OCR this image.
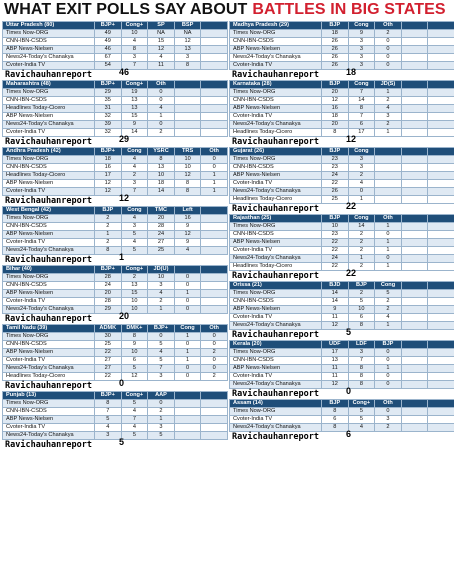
WHAT EXIT POLLS SAY ABOUT BATTLES IN BIG STATES
Uttar Pradesh (80)	BJP+	Cong+	SP	BSP	
Times Now-ORG	49	10	NA	NA	
CNN-IBN-CSDS	49	4	15	12	
ABP News-Nielsen	46	8	12	13	
News24-Today's Chanakya	67	3	4	3	
Cvoter-India TV	54	7	11	8	
Ravichauhanreport	46
Maharashtra (48)	BJP+	Cong+	Oth		
Times Now-ORG	29	19	0		
CNN-IBN-CSDS	35	13	0		
Headlines Today-Cicero	31	13	4		
ABP News-Nielsen	32	15	1		
News24-Today's Chanakya	39	9	0		
Cvoter-India TV	32	14	2		
Ravichauhanreport	29
Andhra Pradesh (42)	BJP+	Cong	YSRC	TRS	Oth
Times Now-ORG	18	4	8	10	0
CNN-IBN-CSDS	16	4	13	10	0
Headlines Today-Cicero	17	2	10	12	1
ABP News-Nielsen	12	3	18	8	1
Cvoter-India TV	12	7	14	8	1
Ravichauhanreport	12
West Bengal (42)	BJP	Cong	TMC	Left	
Times Now-ORG	2	4	20	16	
CNN-IBN-CSDS	2	3	28	9	
ABP News-Nielsen	1	5	24	12	
Cvoter-India TV	2	4	27	9	
News24-Today's Chanakya	8	5	25	4	
Ravichauhanreport	1
Bihar (40)	BJP+	Cong+	JD(U)		
Times Now-ORG	28	2	10	0	
CNN-IBN-CSDS	24	13	3	0	
ABP News-Nielsen	20	15	4	1	
Cvoter-India TV	28	10	2	0	
News24-Today's Chanakya	29	10	1	0	
Ravichauhanreport	20
Tamil Nadu (39)	ADMK	DMK+	BJP+	Cong	Oth
Times Now-ORG	30	8	0	1	0
CNN-IBN-CSDS	25	9	5	0	0
ABP News-Nielsen	22	10	4	1	2
Cvoter-India TV	27	6	5	1	0
News24-Today's Chanakya	27	5	7	0	0
Headlines Today-Cicero	22	12	3	0	2
Ravichauhanreport	0
Punjab (13)	BJP+	Cong+	AAP		
Times Now-ORG	8	5	0		
CNN-IBN-CSDS	7	4	2		
ABP News-Nielsen	5	7	1		
Cvoter-India TV	4	4	3		
News24-Today's Chanakya	3	5	5		
Ravichauhanreport	5
Madhya Pradesh (29)	BJP	Cong	Oth		
Times Now-ORG	18	9	2		
CNN-IBN-CSDS	26	3	0		
ABP News-Nielsen	26	3	0		
News24-Today's Chanakya	26	3	0		
Cvoter-India TV	26	3	0		
Ravichauhanreport	18
Karnataka (28)	BJP	Cong	JD(S)		
Times Now-ORG	20	7	1		
CNN-IBN-CSDS	12	14	2		
ABP News-Nielsen	16	8	4		
Cvoter-India TV	18	7	3		
News24-Today's Chanakya	20	6	2		
Headlines Today-Cicero	8	17	1		
Ravichauhanreport	12
Gujarat (26)	BJP	Cong			
Times Now-ORG	23	3			
CNN-IBN-CSDS	23	3			
ABP News-Nielsen	24	2			
Cvoter-India TV	22	4			
News24-Today's Chanakya	26	0			
Headlines Today-Cicero	25	1			
Ravichauhanreport	22
Rajasthan (25)	BJP	Cong	Oth		
Times Now-ORG	10	14	1		
CNN-IBN-CSDS	23	2	0		
ABP News-Nielsen	22	2	1		
Cvoter-India TV	22	2	1		
News24-Today's Chanakya	24	1	0		
Headlines Today-Cicero	22	2	1		
Ravichauhanreport	22
Orissa (21)	BJD	BJP	Cong		
Times Now-ORG	14	2	5		
CNN-IBN-CSDS	14	5	2		
ABP News-Nielsen	9	10	2		
Cvoter-India TV	11	6	4		
News24-Today's Chanakya	12	8	1		
Ravichauhanreport	5
Kerala (20)	UDF	LDF	BJP		
Times Now-ORG	17	3	0		
CNN-IBN-CSDS	13	7	0		
ABP News-Nielsen	11	8	1		
Cvoter-India TV	11	8	0		
News24-Today's Chanakya	12	8	0		
Ravichauhanreport	0
Assam (14)	BJP	Cong+	Oth		
Times Now-ORG	8	5	0		
Cvoter-India TV	6	5	3		
News24-Today's Chanakya	8	4	2		
Ravichauhanreport	6
